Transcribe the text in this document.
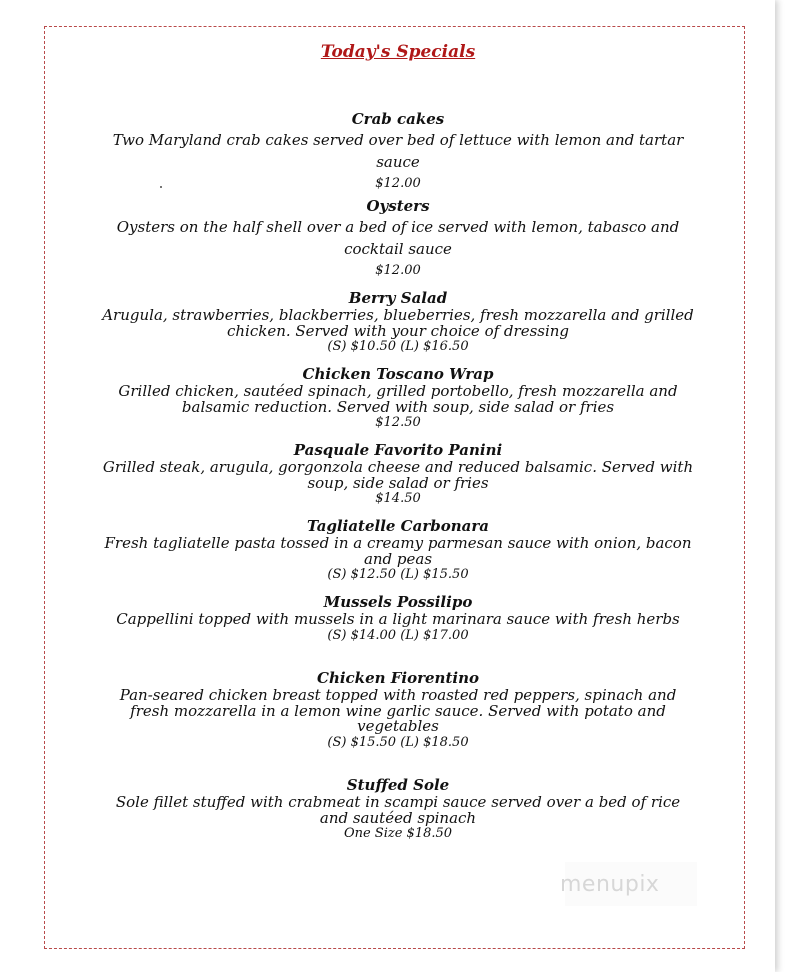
Today's Specials
Crab cakes
Two Maryland crab cakes served over bed of lettuce with lemon and tartar sauce
$12.00
Oysters
Oysters on the half shell over a bed of ice served with lemon, tabasco and cocktail sauce
$12.00
Berry Salad
Arugula, strawberries, blackberries, blueberries, fresh mozzarella and grilled chicken. Served with your choice of dressing
(S) $10.50 (L) $16.50
Chicken Toscano Wrap
Grilled chicken, sautéed spinach, grilled portobello, fresh mozzarella and balsamic reduction. Served with soup, side salad or fries
$12.50
Pasquale Favorito Panini
Grilled steak, arugula, gorgonzola cheese and reduced balsamic. Served with soup, side salad or fries
$14.50
Tagliatelle Carbonara
Fresh tagliatelle pasta tossed in a creamy parmesan sauce with onion, bacon and peas
(S) $12.50 (L) $15.50
Mussels Possilipo
Cappellini topped with mussels in a light marinara sauce with fresh herbs
(S) $14.00 (L) $17.00
Chicken Fiorentino
Pan-seared chicken breast topped with roasted red peppers, spinach and fresh mozzarella in a lemon wine garlic sauce. Served with potato and vegetables
(S) $15.50 (L) $18.50
Stuffed Sole
Sole fillet stuffed with crabmeat in scampi sauce served over a bed of rice and sautéed spinach
One Size $18.50
menupix
